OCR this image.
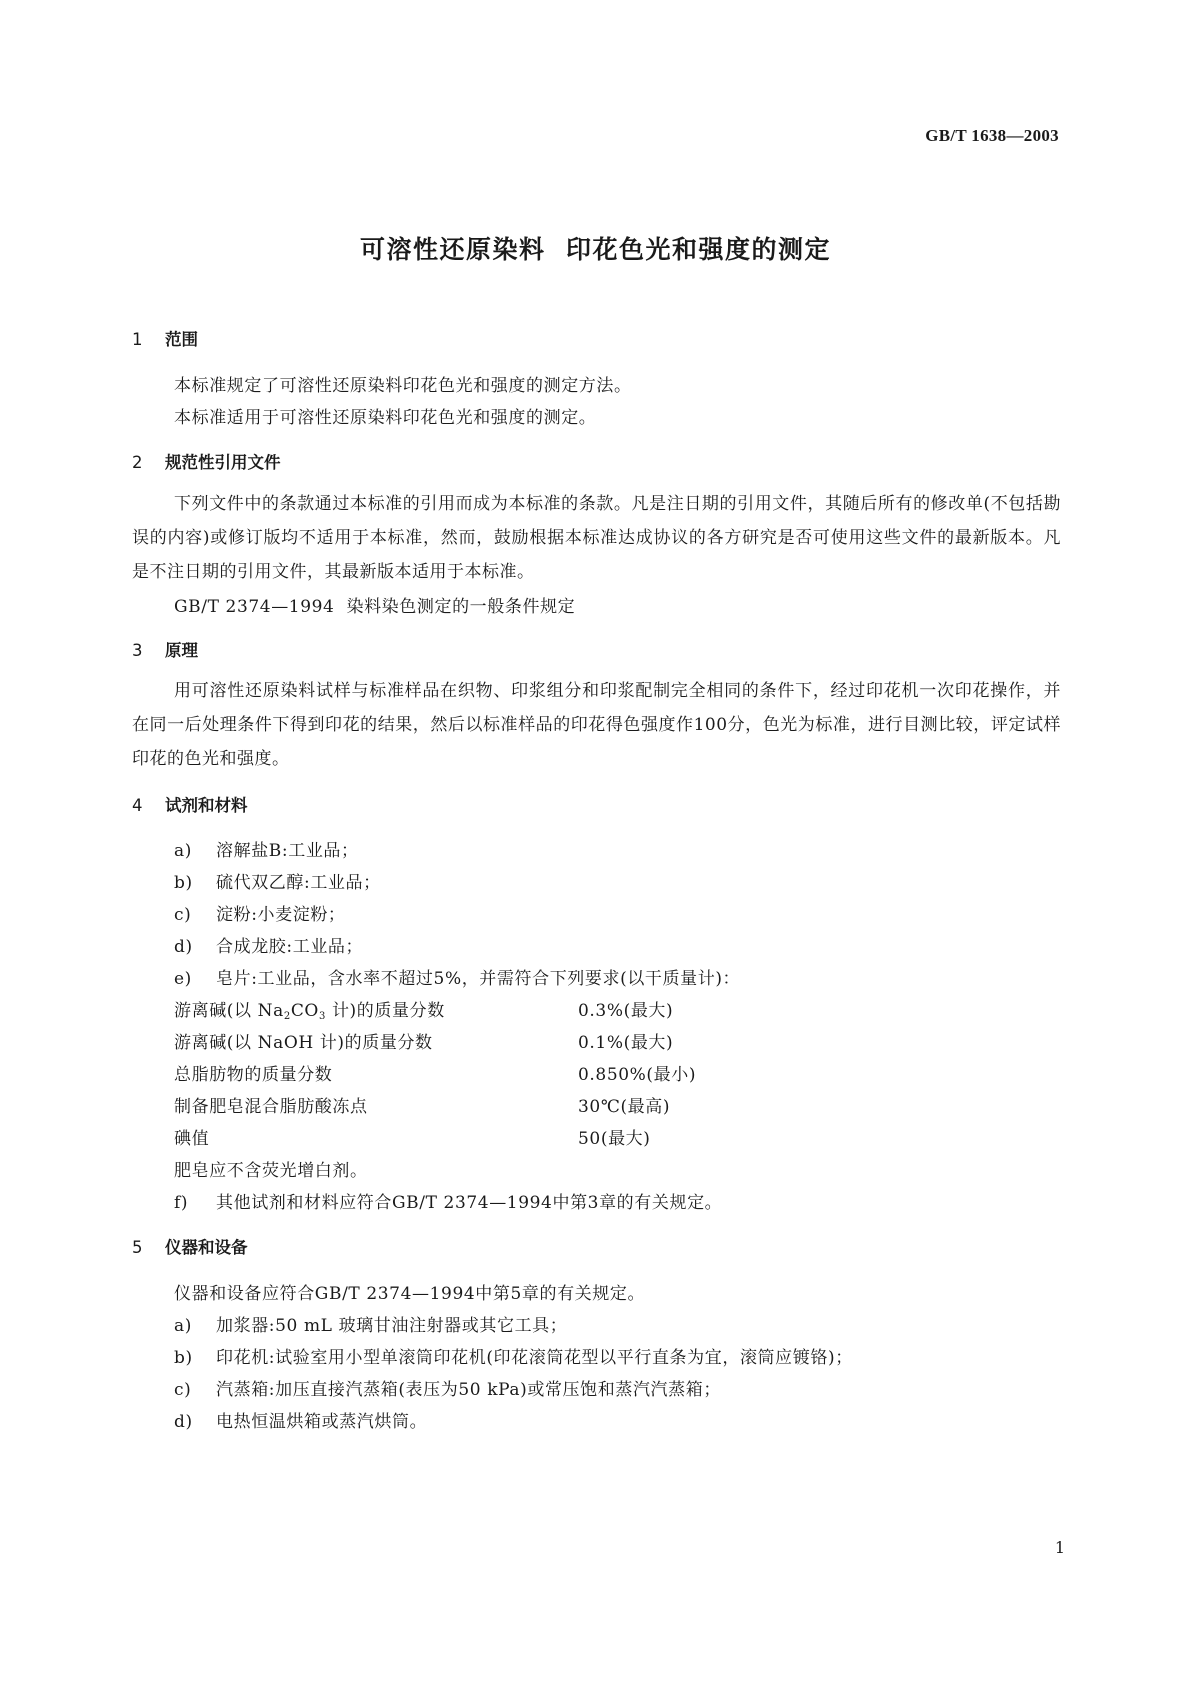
GB/T 1638—2003
可溶性还原染料  印花色光和强度的测定
1 范围
本标准规定了可溶性还原染料印花色光和强度的测定方法。
本标准适用于可溶性还原染料印花色光和强度的测定。
2 规范性引用文件
下列文件中的条款通过本标准的引用而成为本标准的条款。凡是注日期的引用文件，其随后所有的修改单(不包括勘误的内容)或修订版均不适用于本标准，然而，鼓励根据本标准达成协议的各方研究是否可使用这些文件的最新版本。凡是不注日期的引用文件，其最新版本适用于本标准。
GB/T 2374—1994  染料染色测定的一般条件规定
3 原理
用可溶性还原染料试样与标准样品在织物、印浆组分和印浆配制完全相同的条件下，经过印花机一次印花操作，并在同一后处理条件下得到印花的结果，然后以标准样品的印花得色强度作100分，色光为标准，进行目测比较，评定试样印花的色光和强度。
4 试剂和材料
a) 溶解盐B:工业品；
b) 硫代双乙醇:工业品；
c) 淀粉:小麦淀粉；
d) 合成龙胶:工业品；
e) 皂片:工业品，含水率不超过5%，并需符合下列要求(以干质量计)：
游离碱(以 $Na_2CO_3$ 计)的质量分数	0.3%(最大)
游离碱(以 NaOH 计)的质量分数	0.1%(最大)
总脂肪物的质量分数	0.850%(最小)
制备肥皂混合脂肪酸冻点	30℃(最高)
碘值	50(最大)
肥皂应不含荧光增白剂。
f) 其他试剂和材料应符合GB/T 2374—1994中第3章的有关规定。
5 仪器和设备
仪器和设备应符合GB/T 2374—1994中第5章的有关规定。
a) 加浆器:50 mL 玻璃甘油注射器或其它工具；
b) 印花机:试验室用小型单滚筒印花机(印花滚筒花型以平行直条为宜，滚筒应镀铬)；
c) 汽蒸箱:加压直接汽蒸箱(表压为50 kPa)或常压饱和蒸汽汽蒸箱；
d) 电热恒温烘箱或蒸汽烘筒。
1
